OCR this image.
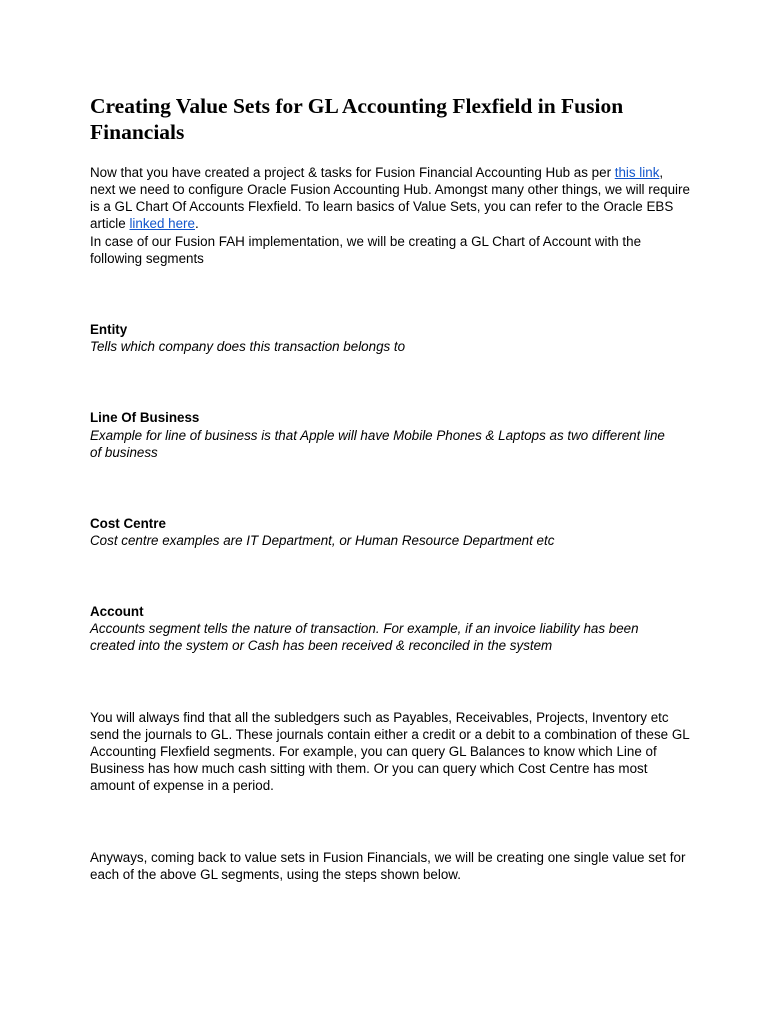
Creating Value Sets for GL Accounting Flexfield in Fusion Financials

Now that you have created a project & tasks for Fusion Financial Accounting Hub as per this link, next we need to configure Oracle Fusion Accounting Hub. Amongst many other things, we will require is a GL Chart Of Accounts Flexfield. To learn basics of Value Sets, you can refer to the Oracle EBS article linked here.

In case of our Fusion FAH implementation, we will be creating a GL Chart of Account with the following segments

Entity

Tells which company does this transaction belongs to

Line Of Business

Example for line of business is that Apple will have Mobile Phones & Laptops as two different line of business

Cost Centre

Cost centre examples are IT Department, or Human Resource Department etc

Account

Accounts segment tells the nature of transaction. For example, if an invoice liability has been created into the system or Cash has been received & reconciled in the system

You will always find that all the subledgers such as Payables, Receivables, Projects, Inventory etc send the journals to GL. These journals contain either a credit or a debit to a combination of these GL Accounting Flexfield segments. For example, you can query GL Balances to know which Line of Business has how much cash sitting with them. Or you can query which Cost Centre has most amount of expense in a period.

Anyways, coming back to value sets in Fusion Financials, we will be creating one single value set for each of the above GL segments, using the steps shown below.
